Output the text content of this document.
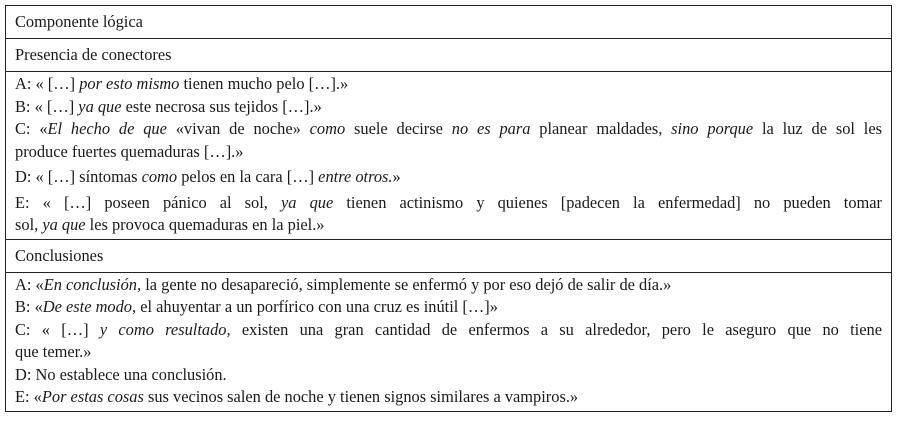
Componente lógica
Presencia de conectores

A: « […] por esto mismo tienen mucho pelo […].»
B: « […] ya que este necrosa sus tejidos […].»
C: «El hecho de que «vivan de noche» como suele decirse no es para planear maldades, sino porque la luz de sol les
produce fuertes quemaduras […].»
D: « […] síntomas como pelos en la cara […] entre otros.»
E: « […] poseen pánico al sol, ya que tienen actinismo y quienes [padecen la enfermedad] no pueden tomar
sol, ya que les provoca quemaduras en la piel.»

Conclusiones

A: «En conclusión, la gente no desapareció, simplemente se enfermó y por eso dejó de salir de día.»
B: «De este modo, el ahuyentar a un porfírico con una cruz es inútil […]»
C: « […] y como resultado, existen una gran cantidad de enfermos a su alrededor, pero le aseguro que no tiene
que temer.»
D: No establece una conclusión.
E: «Por estas cosas sus vecinos salen de noche y tienen signos similares a vampiros.»
